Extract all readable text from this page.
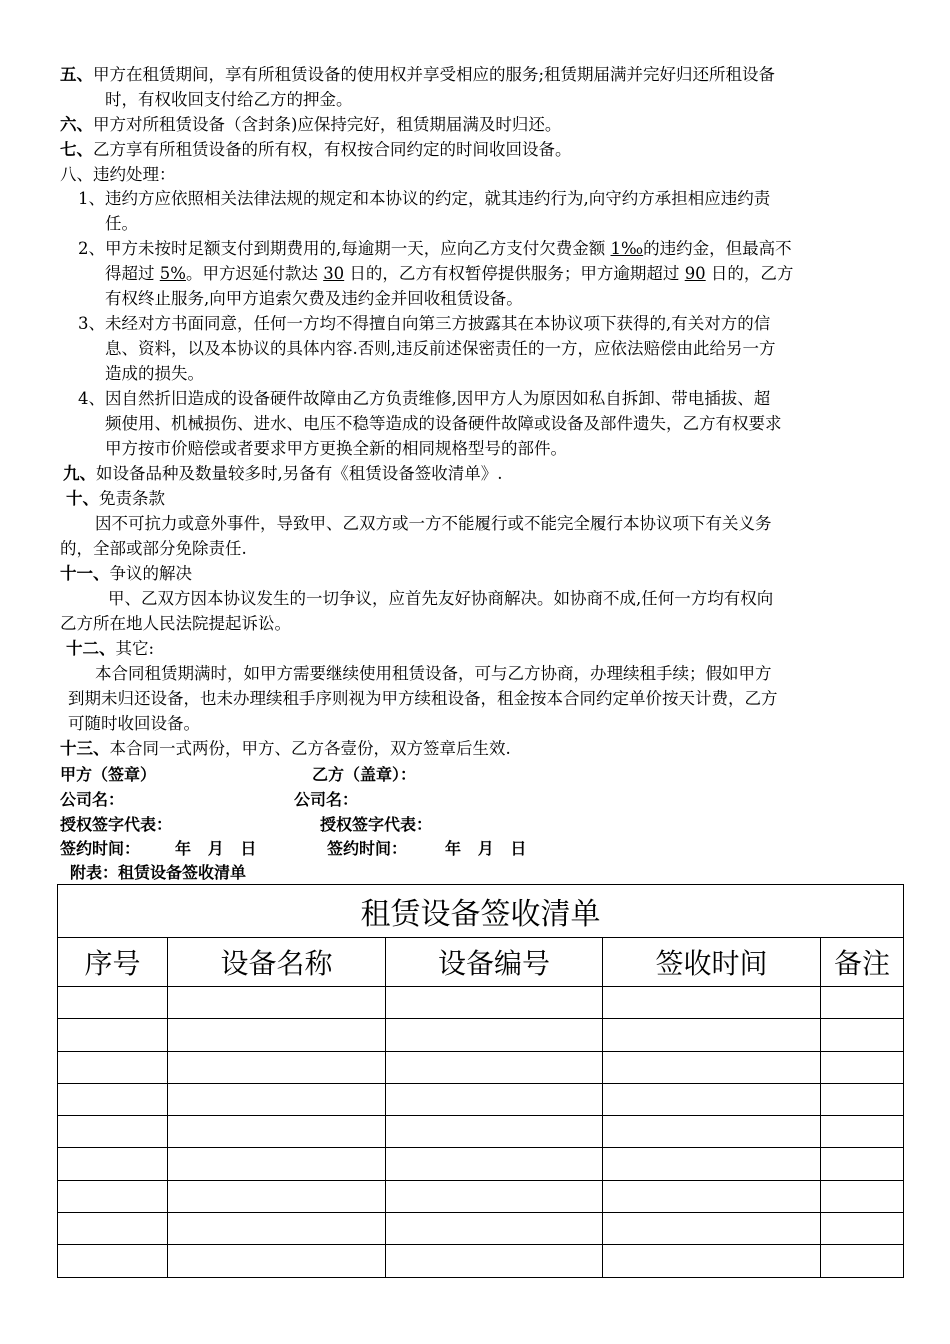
五、甲方在租赁期间，享有所租赁设备的使用权并享受相应的服务;租赁期届满并完好归还所租设备
时，有权收回支付给乙方的押金。
六、甲方对所租赁设备（含封条)应保持完好，租赁期届满及时归还。
七、乙方享有所租赁设备的所有权，有权按合同约定的时间收回设备。
八、违约处理：
1、违约方应依照相关法律法规的规定和本协议的约定，就其违约行为,向守约方承担相应违约责
任。
2、甲方未按时足额支付到期费用的,每逾期一天，应向乙方支付欠费金额 1‰的违约金，但最高不
得超过 5%。甲方迟延付款达 30 日的，乙方有权暂停提供服务；甲方逾期超过 90 日的，乙方
有权终止服务,向甲方追索欠费及违约金并回收租赁设备。
3、未经对方书面同意，任何一方均不得擅自向第三方披露其在本协议项下获得的,有关对方的信
息、资料，以及本协议的具体内容.否则,违反前述保密责任的一方，应依法赔偿由此给另一方
造成的损失。
4、因自然折旧造成的设备硬件故障由乙方负责维修,因甲方人为原因如私自拆卸、带电插拔、超
频使用、机械损伤、进水、电压不稳等造成的设备硬件故障或设备及部件遗失，乙方有权要求
甲方按市价赔偿或者要求甲方更换全新的相同规格型号的部件。
九、如设备品种及数量较多时,另备有《租赁设备签收清单》.
十、免责条款
因不可抗力或意外事件，导致甲、乙双方或一方不能履行或不能完全履行本协议项下有关义务
的，全部或部分免除责任.
十一、争议的解决
甲、乙双方因本协议发生的一切争议，应首先友好协商解决。如协商不成,任何一方均有权向
乙方所在地人民法院提起诉讼。
十二、其它:
本合同租赁期满时，如甲方需要继续使用租赁设备，可与乙方协商，办理续租手续；假如甲方
到期未归还设备，也未办理续租手序则视为甲方续租设备，租金按本合同约定单价按天计费，乙方
可随时收回设备。
十三、本合同一式两份，甲方、乙方各壹份，双方签章后生效.
甲方（签章）	乙方（盖章）：
公司名：	公司名：
授权签字代表：	授权签字代表：
签约时间： 年   月   日	签约时间： 年   月   日
附表：租赁设备签收清单
租赁设备签收清单				
序号	设备名称	设备编号	签收时间	备注
